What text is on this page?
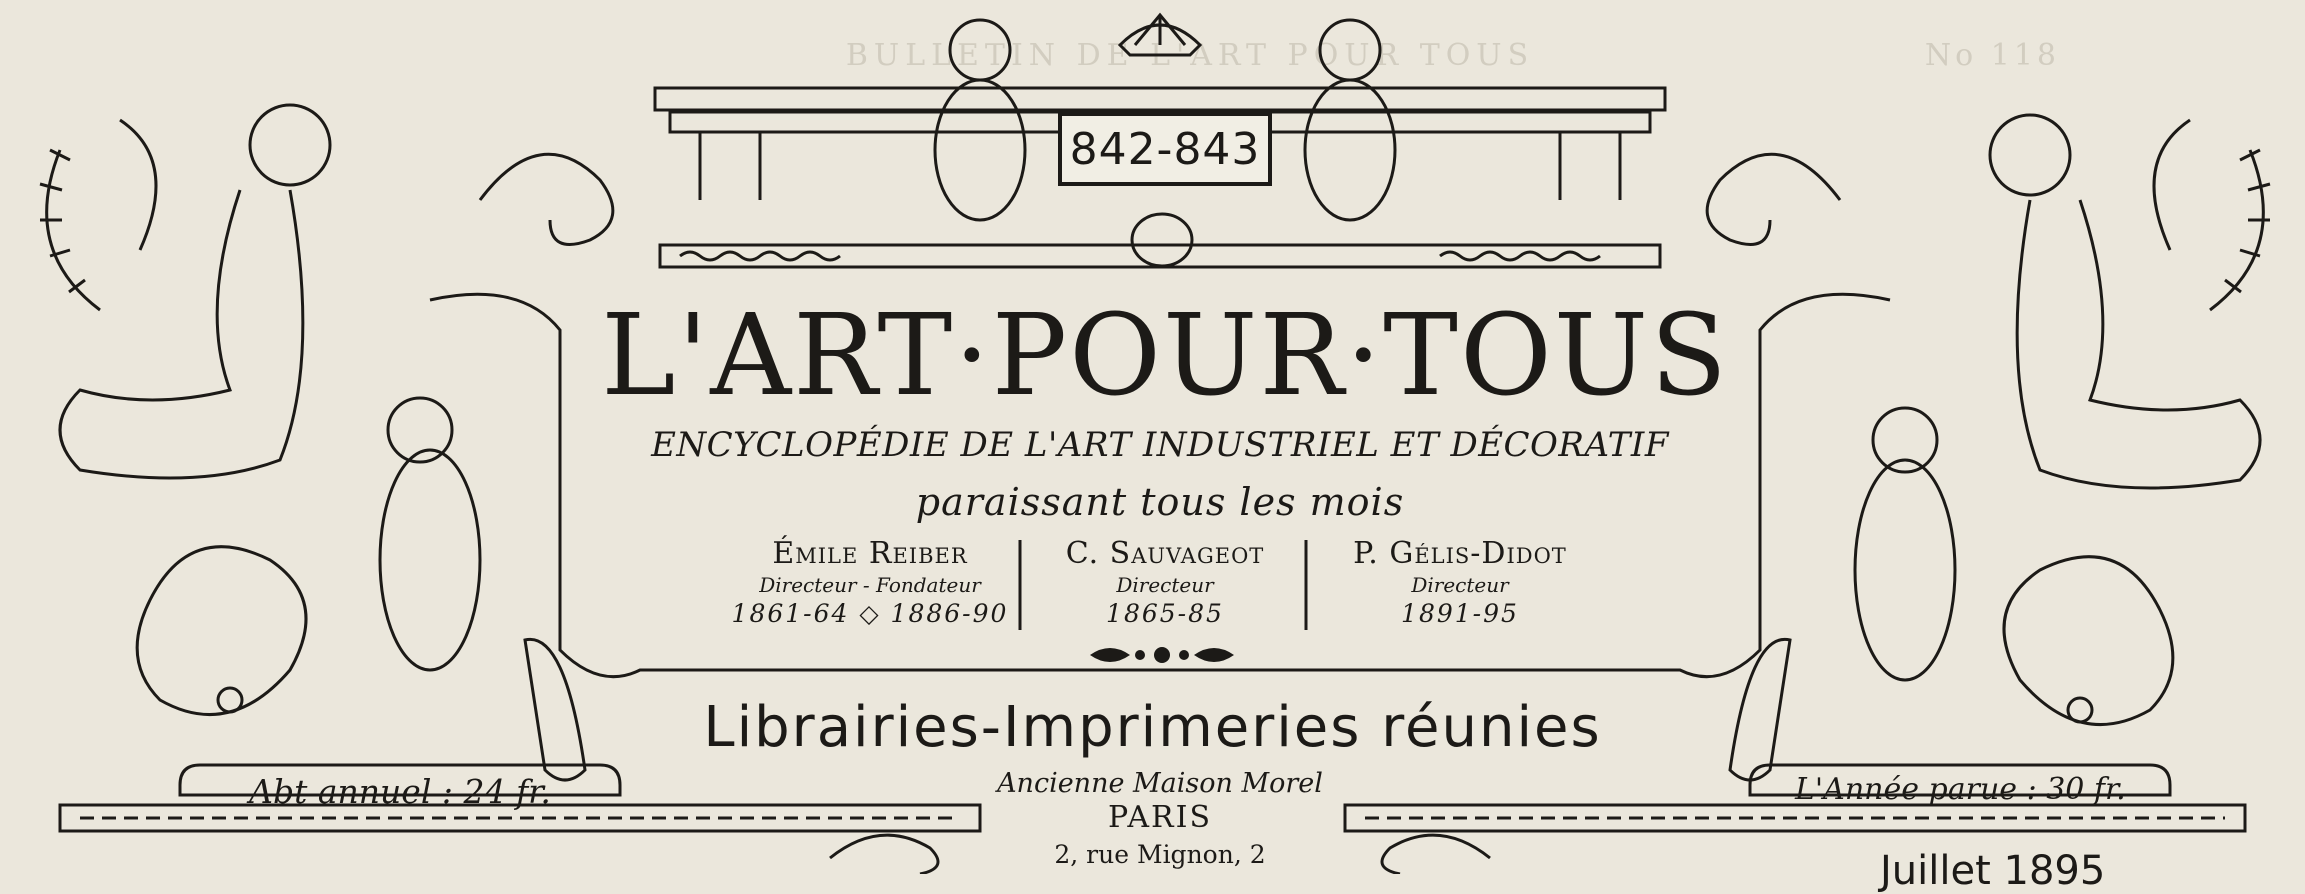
BULLETIN DE L'ART POUR TOUS	No 118
842-843
L'ART·POUR·TOUS
ENCYCLOPÉDIE DE L'ART INDUSTRIEL ET DÉCORATIF
paraissant tous les mois
Émile Reiber
Directeur - Fondateur
1861-64 ◇ 1886-90
C. Sauvageot
Directeur
1865-85
P. Gélis-Didot
Directeur
1891-95
Librairies-Imprimeries réunies
Ancienne Maison Morel
PARIS
2, rue Mignon, 2
Abt annuel : 24 fr.	L'Année parue : 30 fr.
Juillet 1895
